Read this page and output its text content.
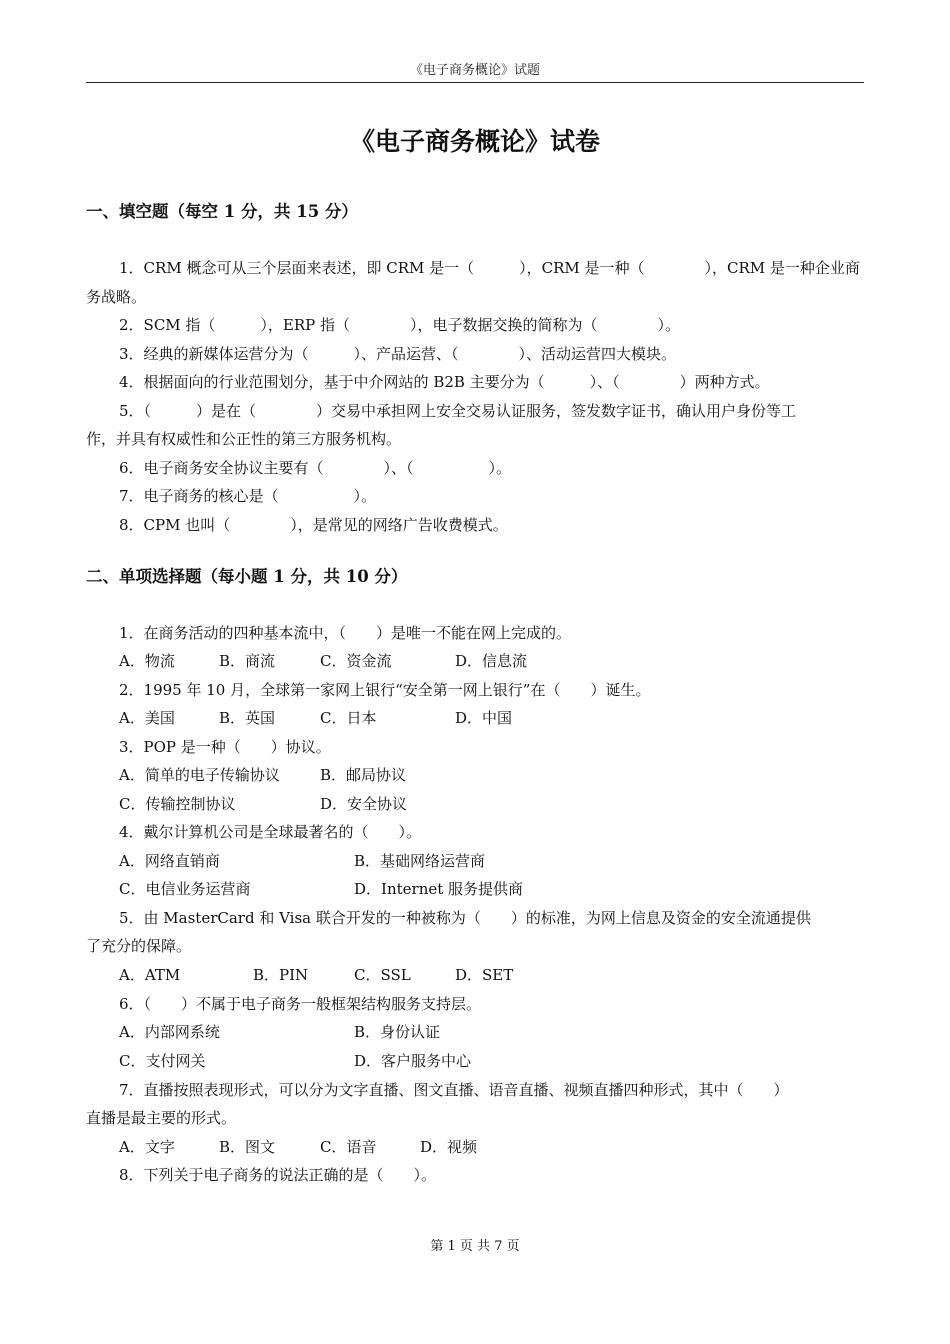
《电子商务概论》试题
《电子商务概论》试卷
一、填空题（每空 1 分，共 15 分）
1．CRM 概念可从三个层面来表述，即 CRM 是一（　　　），CRM 是一种（　　　　），CRM 是一种企业商
务战略。
2．SCM 指（　　　），ERP 指（　　　　），电子数据交换的简称为（　　　　）。
3．经典的新媒体运营分为（　　　）、产品运营、（　　　　）、活动运营四大模块。
4．根据面向的行业范围划分，基于中介网站的 B2B 主要分为（　　　）、（　　　　）两种方式。
5．（　　　）是在（　　　　）交易中承担网上安全交易认证服务，签发数字证书，确认用户身份等工
作，并具有权威性和公正性的第三方服务机构。
6．电子商务安全协议主要有（　　　　）、（　　　　　）。
7．电子商务的核心是（　　　　　）。
8．CPM 也叫（　　　　），是常见的网络广告收费模式。
二、单项选择题（每小题 1 分，共 10 分）
1．在商务活动的四种基本流中，（　　）是唯一不能在网上完成的。
A．物流	B．商流	C．资金流	D．信息流
2．1995 年 10 月，全球第一家网上银行“安全第一网上银行”在（　　）诞生。
A．美国	B．英国	C．日本	D．中国
3．POP 是一种（　　）协议。
A．简单的电子传输协议	B．邮局协议
C．传输控制协议	D．安全协议
4．戴尔计算机公司是全球最著名的（　　）。
A．网络直销商	B．基础网络运营商
C．电信业务运营商	D．Internet 服务提供商
5．由 MasterCard 和 Visa 联合开发的一种被称为（　　）的标准，为网上信息及资金的安全流通提供
了充分的保障。
A．ATM	B．PIN	C．SSL	D．SET
6．（　　）不属于电子商务一般框架结构服务支持层。
A．内部网系统	B．身份认证
C．支付网关	D．客户服务中心
7．直播按照表现形式，可以分为文字直播、图文直播、语音直播、视频直播四种形式，其中（　　）
直播是最主要的形式。
A．文字	B．图文	C．语音	D．视频
8．下列关于电子商务的说法正确的是（　　）。
第 1 页 共 7 页
